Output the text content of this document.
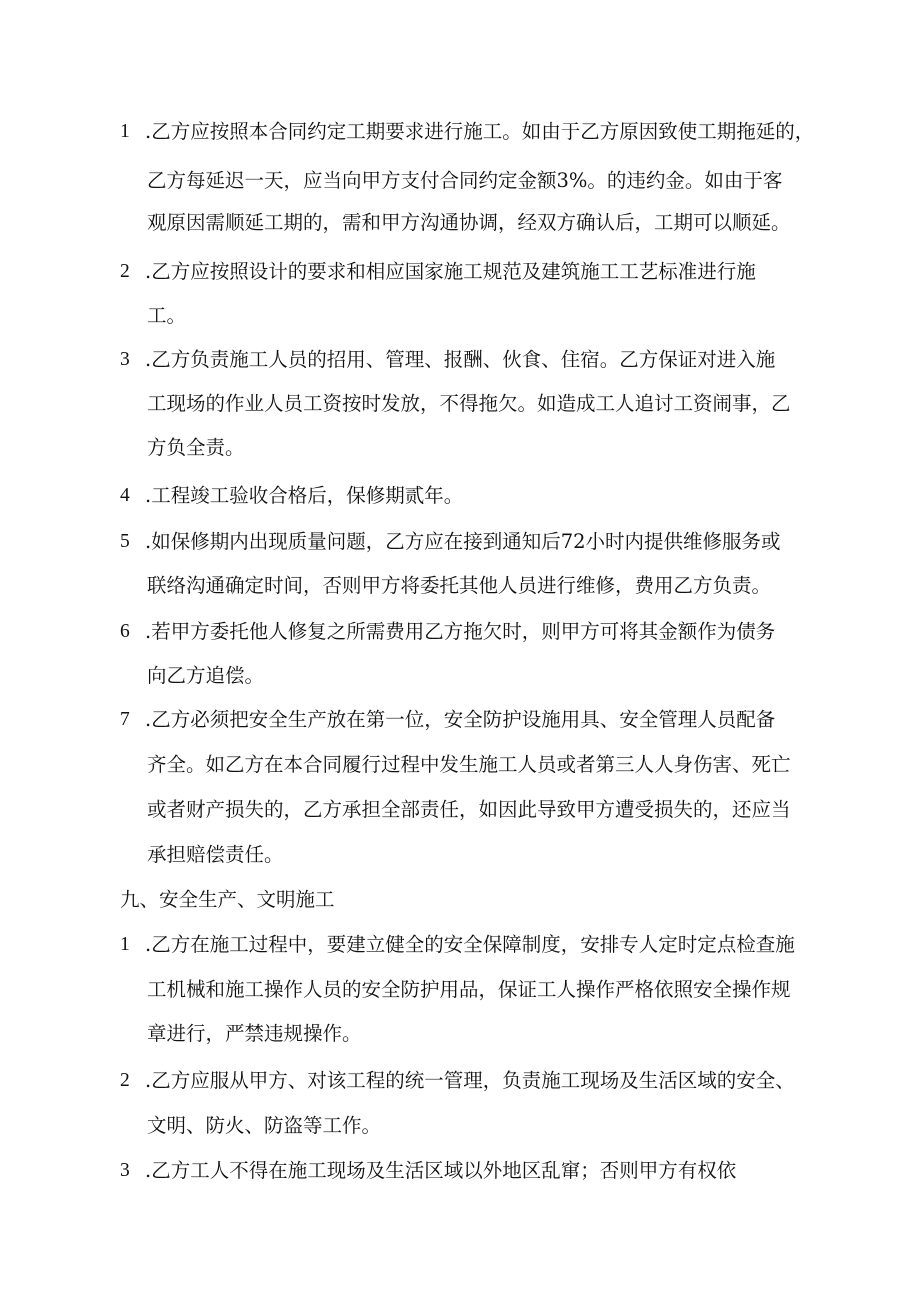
1 .乙方应按照本合同约定工期要求进行施工。如由于乙方原因致使工期拖延的，
乙方每延迟一天，应当向甲方支付合同约定金额3%。的违约金。如由于客
观原因需顺延工期的，需和甲方沟通协调，经双方确认后，工期可以顺延。
2 .乙方应按照设计的要求和相应国家施工规范及建筑施工工艺标准进行施
工。
3 .乙方负责施工人员的招用、管理、报酬、伙食、住宿。乙方保证对进入施
工现场的作业人员工资按时发放，不得拖欠。如造成工人追讨工资闹事，乙
方负全责。
4 .工程竣工验收合格后，保修期贰年。
5 .如保修期内出现质量问题，乙方应在接到通知后72小时内提供维修服务或
联络沟通确定时间，否则甲方将委托其他人员进行维修，费用乙方负责。
6 .若甲方委托他人修复之所需费用乙方拖欠时，则甲方可将其金额作为债务
向乙方追偿。
7 .乙方必须把安全生产放在第一位，安全防护设施用具、安全管理人员配备
齐全。如乙方在本合同履行过程中发生施工人员或者第三人人身伤害、死亡
或者财产损失的，乙方承担全部责任，如因此导致甲方遭受损失的，还应当
承担赔偿责任。
九、安全生产、文明施工
1 .乙方在施工过程中，要建立健全的安全保障制度，安排专人定时定点检查施
工机械和施工操作人员的安全防护用品，保证工人操作严格依照安全操作规
章进行，严禁违规操作。
2 .乙方应服从甲方、对该工程的统一管理，负责施工现场及生活区域的安全、
文明、防火、防盗等工作。
3 .乙方工人不得在施工现场及生活区域以外地区乱窜；否则甲方有权依
